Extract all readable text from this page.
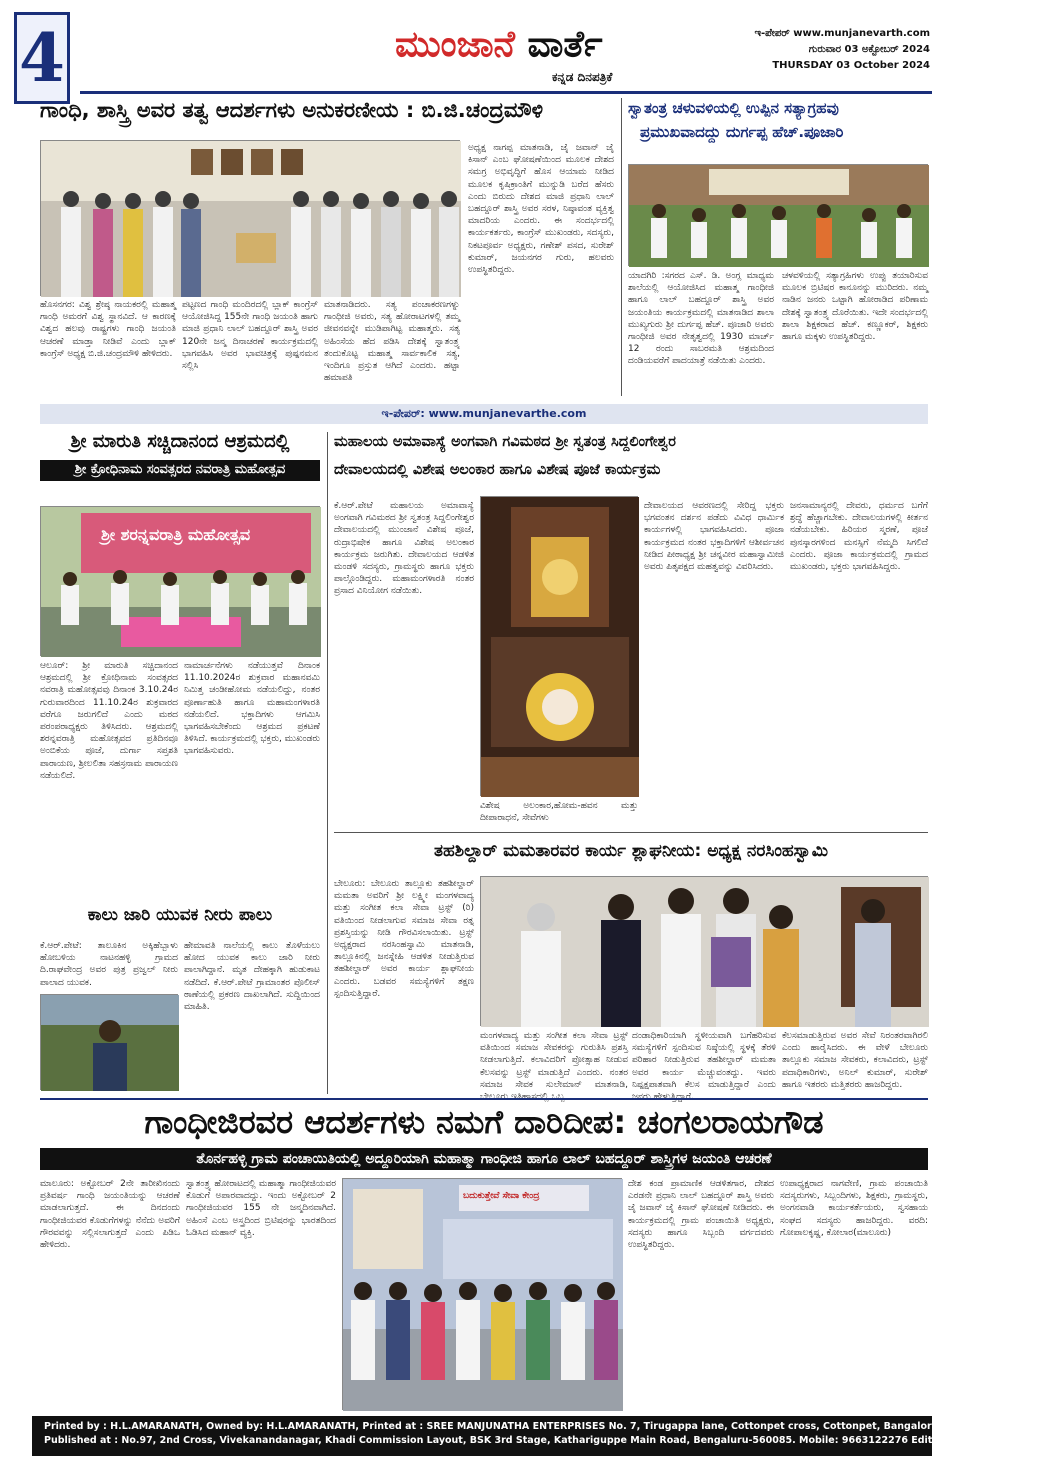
4	ಮುಂಜಾನೆ ವಾರ್ತೆ
ಕನ್ನಡ ದಿನಪತ್ರಿಕೆ
ಇ-ಪೇಪರ್ www.munjanevarth.com
ಗುರುವಾರ 03 ಅಕ್ಟೋಬರ್ 2024
THURSDAY 03 October 2024
ಗಾಂಧಿ, ಶಾಸ್ತ್ರಿ ಅವರ ತತ್ವ ಆದರ್ಶಗಳು ಅನುಕರಣೀಯ : ಬಿ.ಜಿ.ಚಂದ್ರಮೌಳಿ
ಹೊಸನಗರ: ವಿಶ್ವ ಶ್ರೇಷ್ಠ ನಾಯಕರಲ್ಲಿ ಮಹಾತ್ಮ ಗಾಂಧಿ ಅಮರಗೆ ವಿಶ್ವ ಸ್ಥಾನವಿದೆ. ಆ ಕಾರಣಕ್ಕೆ ವಿಶ್ವದ ಹಲವು ರಾಷ್ಟ್ರಗಳು ಗಾಂಧಿ ಜಯಂತಿ ಆಚರಣೆ ಮಾಡ್ತಾ ನೀಡಿವೆ ಎಂದು ಬ್ಲಾಕ್ ಕಾಂಗ್ರೆಸ್ ಅಧ್ಯಕ್ಷ ಬಿ.ಜಿ.ಚಂದ್ರಮೌಳಿ ಹೇಳಿದರು.
ಪಟ್ಟಣದ ಗಾಂಧಿ ಮಂದಿರದಲ್ಲಿ ಬ್ಲಾಕ್ ಕಾಂಗ್ರೆಸ್ ಆಯೋಜಿಸಿದ್ದ 155ನೇ ಗಾಂಧಿ ಜಯಂತಿ ಹಾಗು ಮಾಜಿ ಪ್ರಧಾನಿ ಲಾಲ್ ಬಹದ್ದೂರ್ ಶಾಸ್ತ್ರಿ ಅವರ 120ನೇ ಜನ್ಮ ದಿನಾಚರಣೆ ಕಾರ್ಯಕ್ರಮದಲ್ಲಿ ಭಾಗವಹಿಸಿ ಅವರ ಭಾವಚಿತ್ರಕ್ಕೆ ಪುಷ್ಪನಮನ ಸಲ್ಲಿಸಿ
ಮಾತನಾಡಿದರು. ಸತ್ಯ ಪಂಚಾಕರಣಗಳ್ನು ಗಾಂಧೀಜಿ ಅವರು, ಸತ್ಯ ಹೋರಾಟಗಳಲ್ಲಿ ತಮ್ಮ ಜೀವನವನ್ನೇ ಮುಡಿಪಾಗಿಟ್ಟ ಮಹಾತ್ಮರು. ಸತ್ಯ ಅಹಿಂಸೆಯ ಹೆದ ಪಡಿಸಿ ದೇಶಕ್ಕೆ ಸ್ವಾತಂತ್ರ್ಯ ತಂದುಕೊಟ್ಟ ಮಹಾತ್ಮ ಸಾರ್ವಕಾಲಿಕ ಸತ್ಯ, ಇಂದಿಗೂ ಪ್ರಸ್ತುತ ಆಗಿದೆ ಎಂದರು. ಹಟ್ಟಾ ಹಮಾಪತಿ
ಅಧ್ಯಕ್ಷ ನಾಗಪ್ಪ ಮಾತನಾಡಿ, ಜೈ ಜವಾನ್ ಜೈ ಕಿಸಾನ್ ಎಂಬ ಘೋಷಣೆಯಿಂದ ಮೂಲಕ ದೇಶದ ಸಮಗ್ರ ಅಭಿವೃದ್ಧಿಗೆ ಹೊಸ ಆಯಾಮ ನೀಡಿದ ಮೂಲಕ ಕೃಷಿಕ್ರಾಂತಿಗೆ ಮುನ್ನುಡಿ ಬರೆದ ಹೆಸರು ಎಂದು ಬಿರುದು ದೇಶದ ಮಾಜಿ ಪ್ರಧಾನಿ ಲಾಲ್ ಬಹದ್ದೂರ್ ಶಾಸ್ತ್ರಿ ಅವರ ಸರಳ, ನಿಷ್ಠಾವಂತ ವ್ಯಕ್ತಿತ್ವ ಮಾದರಿಯ ಎಂದರು. ಈ ಸಂದರ್ಭದಲ್ಲಿ ಕಾರ್ಯಕರ್ತರು, ಕಾಂಗ್ರೆಸ್ ಮುಖಂಡರು, ಸದಸ್ಯರು, ನಿಕಟಪೂರ್ವ ಅಧ್ಯಕ್ಷರು, ಗಣೇಶ್ ಪಸದ, ಸುರೇಶ್ ಕುಮಾರ್, ಜಯನಗರ ಗುರು, ಹಲವರು ಉಪಸ್ಥಿತರಿದ್ದರು.
ಸ್ವಾತಂತ್ರ ಚಳುವಳಿಯಲ್ಲಿ ಉಪ್ಪಿನ ಸತ್ಯಾಗ್ರಹವು
ಪ್ರಮುಖವಾದದ್ದು ದುರ್ಗಪ್ಪ ಹೆಚ್.ಪೂಜಾರಿ
ಯಾದಗಿರಿ :ಸಗರದ ಎಸ್. ಡಿ. ಅಂಗ್ಲ ಮಾಧ್ಯಮ ಶಾಲೆಯಲ್ಲಿ ಆಯೋಜಿಸಿದ ಮಹಾತ್ಮ ಗಾಂಧೀಜಿ ಹಾಗೂ ಲಾಲ್ ಬಹದ್ದೂರ್ ಶಾಸ್ತ್ರಿ ಅವರ ಜಯಂತಿಯ ಕಾರ್ಯಕ್ರಮದಲ್ಲಿ ಮಾತನಾಡಿದ ಶಾಲಾ ಮುಖ್ಯಗುರು ಶ್ರೀ ದುರ್ಗಪ್ಪ ಹೆಚ್. ಪೂಜಾರಿ ಅವರು ಗಾಂಧೀಜಿ ಅವರ ನೇತೃತ್ವದಲ್ಲಿ 1930 ಮಾರ್ಚ್ 12 ರಂದು ಸಾಬರಮತಿ ಆಶ್ರಮದಿಂದ ದಂಡಿಯವರೆಗೆ ಪಾದಯಾತ್ರೆ ನಡೆಯಿತು ಎಂದರು.
ಚಳವಳಿಯಲ್ಲಿ ಸತ್ಯಾಗ್ರಹಿಗಳು ಉಪ್ಪು ತಯಾರಿಸುವ ಮೂಲಕ ಬ್ರಿಟಿಷರ ಕಾನೂನನ್ನು ಮುರಿದರು. ನಮ್ಮ ನಾಡಿನ ಜನರು ಒಟ್ಟಾಗಿ ಹೋರಾಡಿದ ಪರಿಣಾಮ ದೇಶಕ್ಕೆ ಸ್ವಾತಂತ್ರ್ಯ ದೊರೆಯಿತು. ಇದೇ ಸಂದರ್ಭದಲ್ಲಿ ಶಾಲಾ ಶಿಕ್ಷಕರಾದ ಹೆಚ್. ಕಣ್ಣೂಕರ್, ಶಿಕ್ಷಕರು ಹಾಗೂ ಮಕ್ಕಳು ಉಪಸ್ಥಿತರಿದ್ದರು.
ಇ-ಪೇಪರ್: www.munjanevarthe.com
ಶ್ರೀ ಮಾರುತಿ ಸಚ್ಚಿದಾನಂದ ಆಶ್ರಮದಲ್ಲಿ
ಶ್ರೀ ಕ್ರೋಧಿನಾಮ ಸಂವತ್ಸರದ ನವರಾತ್ರಿ ಮಹೋತ್ಸವ
ಶ್ರೀ ಶರನ್ನವರಾತ್ರಿ ಮಹೋತ್ಸವ
ಆಲೂರ್: ಶ್ರೀ ಮಾರುತಿ ಸಚ್ಚಿದಾನಂದ ಆಶ್ರಮದಲ್ಲಿ ಶ್ರೀ ಕ್ರೋಧಿನಾಮ ಸಂವತ್ಸರದ ನವರಾತ್ರಿ ಮಹೋತ್ಸವವು ದಿನಾಂಕ 3.10.24ರ ಗುರುವಾರದಿಂದ 11.10.24ರ ಶುಕ್ರವಾರದ ವರೆಗೂ ಜರುಗಲಿದೆ ಎಂದು ಮಠದ ಪರಂಪರಾಧ್ಯಕ್ಷರು ತಿಳಿಸಿದರು. ಆಶ್ರಮದಲ್ಲಿ ಶರನ್ನವರಾತ್ರಿ ಮಹೋತ್ಸವದ ಪ್ರತಿದಿನವೂ ಅಂಬಿಕೆಯ ಪೂಜೆ, ದುರ್ಗಾ ಸಪ್ತಶತಿ ಪಾರಾಯಣ, ಶ್ರೀಲಲಿತಾ ಸಹಸ್ರನಾಮ ಪಾರಾಯಣ ನಡೆಯಲಿದೆ.
ನಾಮಾರ್ಚನೆಗಳು ನಡೆಯುತ್ತವೆ ದಿನಾಂಕ 11.10.2024ರ ಶುಕ್ರವಾರ ಮಹಾನವಮಿ ನಿಮಿತ್ತ ಚಂಡೀಹೋಮ ನಡೆಯಲಿದ್ದು, ನಂತರ ಪೂರ್ಣಾಹುತಿ ಹಾಗೂ ಮಹಾಮಂಗಳಾರತಿ ನಡೆಯಲಿದೆ. ಭಕ್ತಾದಿಗಳು ಆಗಮಿಸಿ ಭಾಗವಹಿಸಬೇಕೆಂದು ಆಶ್ರಮದ ಪ್ರಕಟಣೆ ತಿಳಿಸಿದೆ. ಕಾರ್ಯಕ್ರಮದಲ್ಲಿ ಭಕ್ತರು, ಮುಖಂಡರು ಭಾಗವಹಿಸುವರು.
ಕಾಲು ಜಾರಿ ಯುವಕ ನೀರು ಪಾಲು
ಕೆ.ಆರ್.ಪೇಟೆ: ತಾಲೂಕಿನ ಅಕ್ಕಿಹೆಬ್ಬಾಳು ಹೋಬಳಿಯ ನಾಟನಹಳ್ಳಿ ಗ್ರಾಮದ ದಿ.ರಾಘವೇಂದ್ರ ಅವರ ಪುತ್ರ ಪ್ರಜ್ವಲ್ ನೀರು ಪಾಲಾದ ಯುವಕ.
ಹೇಮಾವತಿ ನಾಲೆಯಲ್ಲಿ ಕಾಲು ತೊಳೆಯಲು ಹೋದ ಯುವಕ ಕಾಲು ಜಾರಿ ನೀರು ಪಾಲಾಗಿದ್ದಾನೆ. ಮೃತ ದೇಹಕ್ಕಾಗಿ ಹುಡುಕಾಟ ನಡೆದಿದೆ. ಕೆ.ಆರ್.ಪೇಟೆ ಗ್ರಾಮಾಂತರ ಪೊಲೀಸ್ ಠಾಣೆಯಲ್ಲಿ ಪ್ರಕರಣ ದಾಖಲಾಗಿದೆ. ಸುದ್ದಿಯಿಂದ ಮಾಹಿತಿ.
ಮಹಾಲಯ ಅಮಾವಾಸ್ಯೆ ಅಂಗವಾಗಿ ಗವಿಮಠದ ಶ್ರೀ ಸ್ವತಂತ್ರ ಸಿದ್ದಲಿಂಗೇಶ್ವರ
ದೇವಾಲಯದಲ್ಲಿ ವಿಶೇಷ ಅಲಂಕಾರ ಹಾಗೂ ವಿಶೇಷ ಪೂಜೆ ಕಾರ್ಯಕ್ರಮ
ಕೆ.ಆರ್.ಪೇಟೆ ಮಹಾಲಯ ಅಮಾವಾಸ್ಯೆ ಅಂಗವಾಗಿ ಗವಿಮಠದ ಶ್ರೀ ಸ್ವತಂತ್ರ ಸಿದ್ದಲಿಂಗೇಶ್ವರ ದೇವಾಲಯದಲ್ಲಿ ಮುಂಜಾನೆ ವಿಶೇಷ ಪೂಜೆ, ರುದ್ರಾಭಿಷೇಕ ಹಾಗೂ ವಿಶೇಷ ಅಲಂಕಾರ ಕಾರ್ಯಕ್ರಮ ಜರುಗಿತು. ದೇವಾಲಯದ ಆಡಳಿತ ಮಂಡಳಿ ಸದಸ್ಯರು, ಗ್ರಾಮಸ್ಥರು ಹಾಗೂ ಭಕ್ತರು ಪಾಲ್ಗೊಂಡಿದ್ದರು. ಮಹಾಮಂಗಳಾರತಿ ನಂತರ ಪ್ರಸಾದ ವಿನಿಯೋಗ ನಡೆಯಿತು.
ವಿಶೇಷ ಅಲಂಕಾರ,ಹೋಮ-ಹವನ ಮತ್ತು ದೀಪಾರಾಧನೆ, ಸೇವೆಗಳು
ದೇವಾಲಯದ ಆವರಣದಲ್ಲಿ ಸೇರಿದ್ದ ಭಕ್ತರು ಭಗವಂತನ ದರ್ಶನ ಪಡೆದು ವಿವಿಧ ಧಾರ್ಮಿಕ ಕಾರ್ಯಗಳಲ್ಲಿ ಭಾಗವಹಿಸಿದರು. ಪೂಜಾ ಕಾರ್ಯಕ್ರಮದ ನಂತರ ಭಕ್ತಾದಿಗಳಿಗೆ ಆಶೀರ್ವಚನ ನೀಡಿದ ಪೀಠಾಧ್ಯಕ್ಷ ಶ್ರೀ ಚನ್ನವೀರ ಮಹಾಸ್ವಾಮೀಜಿ ಅವರು ಪಿತೃಪಕ್ಷದ ಮಹತ್ವವನ್ನು ವಿವರಿಸಿದರು.
ಜನಸಾಮಾನ್ಯರಲ್ಲಿ ದೇವರು, ಧರ್ಮದ ಬಗೆಗೆ ಶ್ರದ್ಧೆ ಹೆಚ್ಚಾಗಬೇಕು. ದೇವಾಲಯಗಳಲ್ಲಿ ಕೀರ್ತನ ನಡೆಯಬೇಕು. ಹಿರಿಯರ ಸ್ಮರಣೆ, ಪೂಜೆ ಪುನಸ್ಕಾರಗಳಿಂದ ಮನಸ್ಸಿಗೆ ನೆಮ್ಮದಿ ಸಿಗಲಿದೆ ಎಂದರು. ಪೂಜಾ ಕಾರ್ಯಕ್ರಮದಲ್ಲಿ ಗ್ರಾಮದ ಮುಖಂಡರು, ಭಕ್ತರು ಭಾಗವಹಿಸಿದ್ದರು.
ತಹಶಿಲ್ದಾರ್ ಮಮತಾರವರ ಕಾರ್ಯ ಶ್ಲಾಘನೀಯ: ಅಧ್ಯಕ್ಷ ನರಸಿಂಹಸ್ವಾಮಿ
ಬೇಲೂರು: ಬೇಲೂರು ತಾಲ್ಲೂಕು ತಹಶೀಲ್ದಾರ್ ಮಮತಾ ಅವರಿಗೆ ಶ್ರೀ ಲಕ್ಷ್ಮೀ ಮಂಗಳವಾದ್ಯ ಮತ್ತು ಸಂಗೀತ ಕಲಾ ಸೇವಾ ಟ್ರಸ್ಟ್ (ರಿ) ವತಿಯಿಂದ ನೀಡಲಾಗುವ ಸಮಾಜ ಸೇವಾ ರತ್ನ ಪ್ರಶಸ್ತಿಯನ್ನು ನೀಡಿ ಗೌರವಿಸಲಾಯಿತು. ಟ್ರಸ್ಟ್ ಅಧ್ಯಕ್ಷರಾದ ನರಸಿಂಹಸ್ವಾಮಿ ಮಾತನಾಡಿ, ತಾಲ್ಲೂಕಿನಲ್ಲಿ ಜನಸ್ನೇಹಿ ಆಡಳಿತ ನೀಡುತ್ತಿರುವ ತಹಶೀಲ್ದಾರ್ ಅವರ ಕಾರ್ಯ ಶ್ಲಾಘನೀಯ ಎಂದರು. ಬಡವರ ಸಮಸ್ಯೆಗಳಿಗೆ ತಕ್ಷಣ ಸ್ಪಂದಿಸುತ್ತಿದ್ದಾರೆ.
ಮಂಗಳವಾದ್ಯ ಮತ್ತು ಸಂಗೀತ ಕಲಾ ಸೇವಾ ಟ್ರಸ್ಟ್ ವತಿಯಿಂದ ಸಮಾಜ ಸೇವಕರನ್ನು ಗುರುತಿಸಿ ಪ್ರಶಸ್ತಿ ನೀಡಲಾಗುತ್ತಿದೆ. ಕಲಾವಿದರಿಗೆ ಪ್ರೋತ್ಸಾಹ ನೀಡುವ ಕೆಲಸವನ್ನು ಟ್ರಸ್ಟ್ ಮಾಡುತ್ತಿದೆ ಎಂದರು. ನಂತರ ಸಮಾಜ ಸೇವಕ ಸುಲೇಮಾನ್ ಮಾತನಾಡಿ,
ದಂಡಾಧಿಕಾರಿಯಾಗಿ ಸ್ಥಳೀಯವಾಗಿ ಬಗೆಹರಿಸುವ ಸಮಸ್ಯೆಗಳಿಗೆ ಸ್ಪಂದಿಸುವ ನಿಷ್ಠೆಯಲ್ಲಿ ಸ್ಥಳಕ್ಕೆ ತೆರಳಿ ಪರಿಹಾರ ನೀಡುತ್ತಿರುವ ತಹಶೀಲ್ದಾರ್ ಮಮತಾ ಅವರ ಕಾರ್ಯ ಮೆಚ್ಚುವಂತದ್ದು. ಇವರು ನಿಷ್ಪಕ್ಷಪಾತವಾಗಿ ಕೆಲಸ ಮಾಡುತ್ತಿದ್ದಾರೆ ಎಂದು
ಕೆಲಸಮಾಡುತ್ತಿರುವ ಅವರ ಸೇವೆ ನಿರಂತರವಾಗಿರಲಿ ಎಂದು ಹಾರೈಸಿದರು. ಈ ವೇಳೆ ಬೇಲೂರು ತಾಲ್ಲೂಕು ಸಮಾಜ ಸೇವಕರು, ಕಲಾವಿದರು, ಟ್ರಸ್ಟ್ ಪದಾಧಿಕಾರಿಗಳು, ಅನಿಲ್ ಕುಮಾರ್, ಸುರೇಶ್ ಹಾಗೂ ಇತರರು ಮತ್ತಿತರರು ಹಾಜರಿದ್ದರು.
ಗಾಂಧೀಜಿರವರ ಆದರ್ಶಗಳು ನಮಗೆ ದಾರಿದೀಪ: ಚಂಗಲರಾಯಗೌಡ
ತೊರ್ನಹಳ್ಳಿ ಗ್ರಾಮ ಪಂಚಾಯಿತಿಯಲ್ಲಿ ಅದ್ದೂರಿಯಾಗಿ ಮಹಾತ್ಮಾ ಗಾಂಧೀಜಿ ಹಾಗೂ ಲಾಲ್ ಬಹದ್ದೂರ್ ಶಾಸ್ತ್ರಿಗಳ ಜಯಂತಿ ಆಚರಣೆ
ಮಾಲೂರು: ಅಕ್ಟೋಬರ್ 2ನೇ ತಾರೀಖಿನಂದು ಪ್ರತಿವರ್ಷ ಗಾಂಧಿ ಜಯಂತಿಯನ್ನು ಆಚರಣೆ ಮಾಡಲಾಗುತ್ತದೆ. ಈ ದಿನದಂದು ಗಾಂಧೀಜಿಯವರ ಕೊಡುಗೆಗಳನ್ನು ನೆನೆದು ಅವರಿಗೆ ಗೌರವವನ್ನು ಸಲ್ಲಿಸಲಾಗುತ್ತದೆ ಎಂದು ಪಿಡಿಒ ಹೇಳಿದರು.
ಸ್ವಾತಂತ್ರ್ಯ ಹೋರಾಟದಲ್ಲಿ ಮಹಾತ್ಮಾ ಗಾಂಧೀಜಿಯವರ ಕೊಡುಗೆ ಅಪಾರವಾದದ್ದು. ಇಂದು ಅಕ್ಟೋಬರ್ 2 ಗಾಂಧೀಜಿಯವರ 155 ನೇ ಜನ್ಮದಿನವಾಗಿದೆ. ಅಹಿಂಸೆ ಎಂಬ ಅಸ್ತ್ರದಿಂದ ಬ್ರಿಟಿಷರನ್ನು ಭಾರತದಿಂದ ಓಡಿಸಿದ ಮಹಾನ್ ವ್ಯಕ್ತಿ.
ಬದುಕುತ್ತೇವೆ ಸೇವಾ ಕೇಂದ್ರ
ದೇಶ ಕಂಡ ಪ್ರಾಮಾಣಿಕ ಆಡಳಿತಗಾರ, ದೇಶದ ಎರಡನೇ ಪ್ರಧಾನಿ ಲಾಲ್ ಬಹದ್ದೂರ್ ಶಾಸ್ತ್ರಿ ಅವರು ಜೈ ಜವಾನ್ ಜೈ ಕಿಸಾನ್ ಘೋಷಣೆ ನೀಡಿದರು. ಈ ಕಾರ್ಯಕ್ರಮದಲ್ಲಿ ಗ್ರಾಮ ಪಂಚಾಯಿತಿ ಅಧ್ಯಕ್ಷರು, ಸದಸ್ಯರು ಹಾಗೂ ಸಿಬ್ಬಂದಿ ವರ್ಗದವರು ಉಪಸ್ಥಿತರಿದ್ದರು.
ಉಪಾಧ್ಯಕ್ಷರಾದ ನಾಗವೇಣಿ, ಗ್ರಾಮ ಪಂಚಾಯಿತಿ ಸದಸ್ಯರುಗಳು, ಸಿಬ್ಬಂದಿಗಳು, ಶಿಕ್ಷಕರು, ಗ್ರಾಮಸ್ಥರು, ಅಂಗನವಾಡಿ ಕಾರ್ಯಕರ್ತೆಯರು, ಸ್ವಸಹಾಯ ಸಂಘದ ಸದಸ್ಯರು ಹಾಜರಿದ್ದರು. ವರದಿ: ಗೋಪಾಲಕೃಷ್ಣ, ಕೋಲಾರ(ಮಾಲೂರು)
Printed by : H.L.AMARANATH, Owned by: H.L.AMARANATH, Printed at : SREE MANJUNATHA ENTERPRISES No. 7, Tirugappa lane, Cottonpet cross, Cottonpet, Bangalore-560053.
Published at : No.97, 2nd Cross, Vivekanandanagar, Khadi Commission Layout, BSK 3rd Stage, Kathariguppe Main Road, Bengaluru-560085. Mobile: 9663122276 Editor : H.L.AMARANATH
